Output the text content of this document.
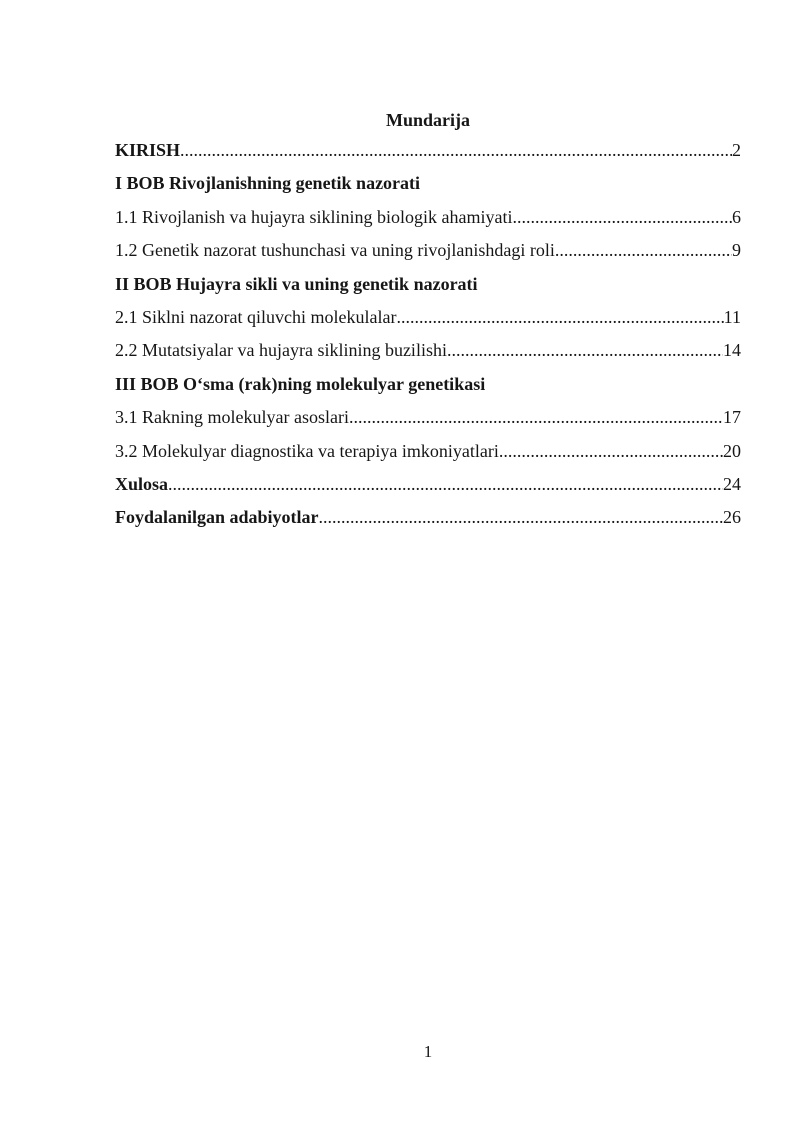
Mundarija
KIRISH .....	2
I BOB Rivojlanishning genetik nazorati
1.1 Rivojlanish va hujayra siklining biologik ahamiyati .....	6
1.2 Genetik nazorat tushunchasi va uning rivojlanishdagi roli .....	9
II BOB Hujayra sikli va uning genetik nazorati
2.1 Siklni nazorat qiluvchi molekulalar .....	11
2.2 Mutatsiyalar va hujayra siklining buzilishi .....	14
III BOB O‘sma (rak)ning molekulyar genetikasi
3.1 Rakning molekulyar asoslari .....	17
3.2 Molekulyar diagnostika va terapiya imkoniyatlari .....	20
Xulosa .....	24
Foydalanilgan adabiyotlar .....	26
1
